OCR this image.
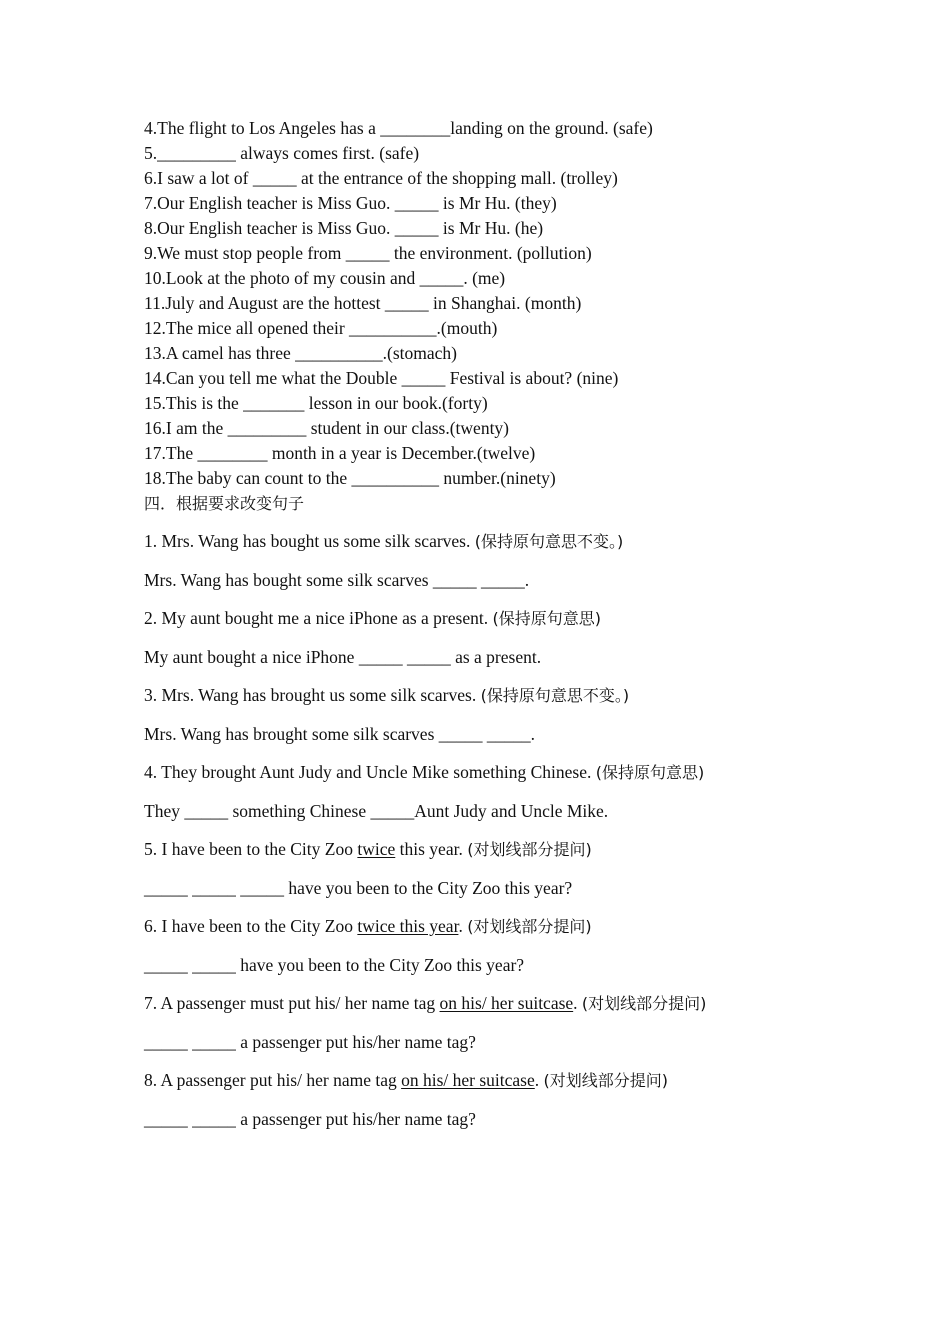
4.The flight to Los Angeles has a ________landing on the ground. (safe)

5._________ always comes first. (safe)

6.I saw a lot of _____ at the entrance of the shopping mall. (trolley)

7.Our English teacher is Miss Guo. _____ is Mr Hu. (they)

8.Our English teacher is Miss Guo. _____ is Mr Hu. (he)

9.We must stop people from _____ the environment. (pollution)

10.Look at the photo of my cousin and _____. (me)

11.July and August are the hottest _____ in Shanghai. (month)

12.The mice all opened their __________.(mouth)

13.A camel has three __________.(stomach)

14.Can you tell me what the Double _____ Festival is about? (nine)

15.This is the _______ lesson in our book.(forty)

16.I am the _________ student in our class.(twenty)

17.The ________ month in a year is December.(twelve)

18.The baby can count to the __________ number.(ninety)

四．根据要求改变句子

1. Mrs. Wang has bought us some silk scarves. (保持原句意思不变。)

Mrs. Wang has bought some silk scarves _____ _____.

2. My aunt bought me a nice iPhone as a present. (保持原句意思)

My aunt bought a nice iPhone _____ _____ as a present.

3. Mrs. Wang has brought us some silk scarves. (保持原句意思不变。)

Mrs. Wang has brought some silk scarves _____ _____.

4. They brought Aunt Judy and Uncle Mike something Chinese. (保持原句意思)

They _____ something Chinese _____Aunt Judy and Uncle Mike.

5. I have been to the City Zoo twice this year. (对划线部分提问)

_____ _____ _____ have you been to the City Zoo this year?

6. I have been to the City Zoo twice this year. (对划线部分提问)

_____ _____ have you been to the City Zoo this year?

7. A passenger must put his/ her name tag on his/ her suitcase. (对划线部分提问)

_____ _____ a passenger put his/her name tag?

8. A passenger put his/ her name tag on his/ her suitcase. (对划线部分提问)

_____ _____ a passenger put his/her name tag?
